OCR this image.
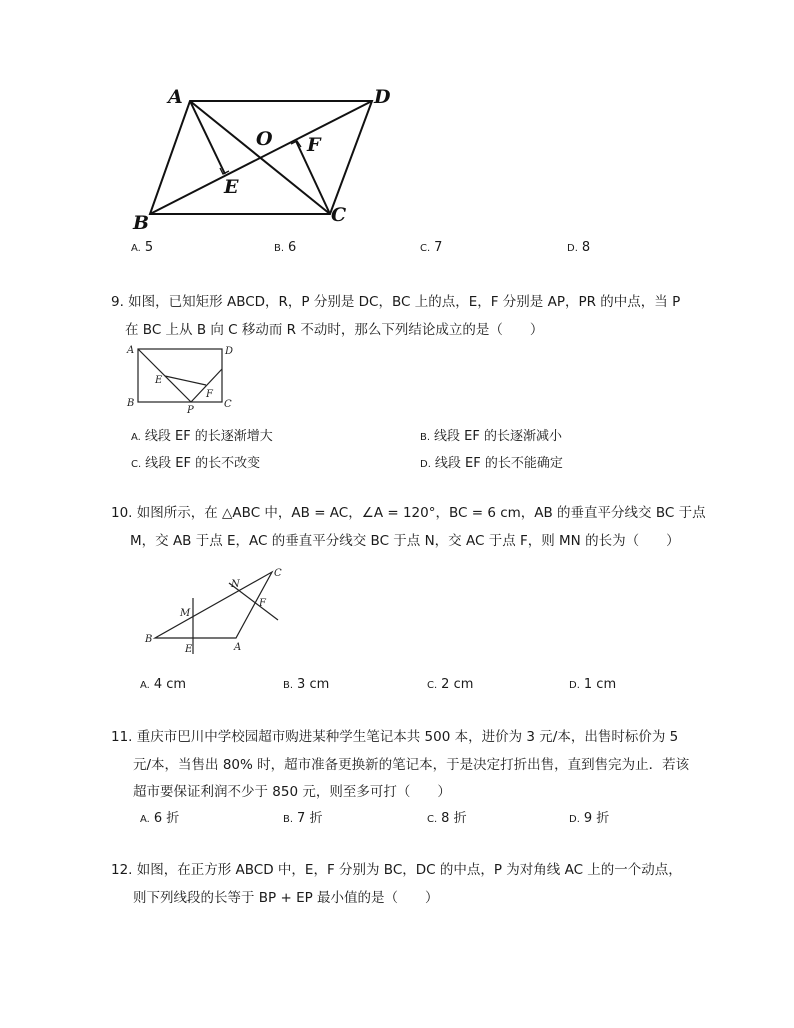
A	D
O F
E
B	C
A. 5	B. 6	C. 7	D. 8
9. 如图，已知矩形 ABCD，R，P 分别是 DC，BC 上的点，E，F 分别是 AP，PR 的中点，当 P
在 BC 上从 B 向 C 移动而 R 不动时，那么下列结论成立的是（　　）
A	D
E
F
B
P
C
A. 线段 EF 的长逐渐增大	B. 线段 EF 的长逐渐减小
C. 线段 EF 的长不改变	D. 线段 EF 的长不能确定
10. 如图所示，在 △ABC 中，AB = AC，∠A = 120°，BC = 6 cm，AB 的垂直平分线交 BC 于点
M，交 AB 于点 E，AC 的垂直平分线交 BC 于点 N，交 AC 于点 F，则 MN 的长为（　　）
C
N
F
M
B
E	A
A. 4 cm	B. 3 cm	C. 2 cm	D. 1 cm
11. 重庆市巴川中学校园超市购进某种学生笔记本共 500 本，进价为 3 元/本，出售时标价为 5
元/本，当售出 80% 时，超市准备更换新的笔记本，于是决定打折出售，直到售完为止．若该
超市要保证利润不少于 850 元，则至多可打（　　）
A. 6 折	B. 7 折	C. 8 折	D. 9 折
12. 如图，在正方形 ABCD 中，E，F 分别为 BC，DC 的中点，P 为对角线 AC 上的一个动点，
则下列线段的长等于 BP + EP 最小值的是（　　）
